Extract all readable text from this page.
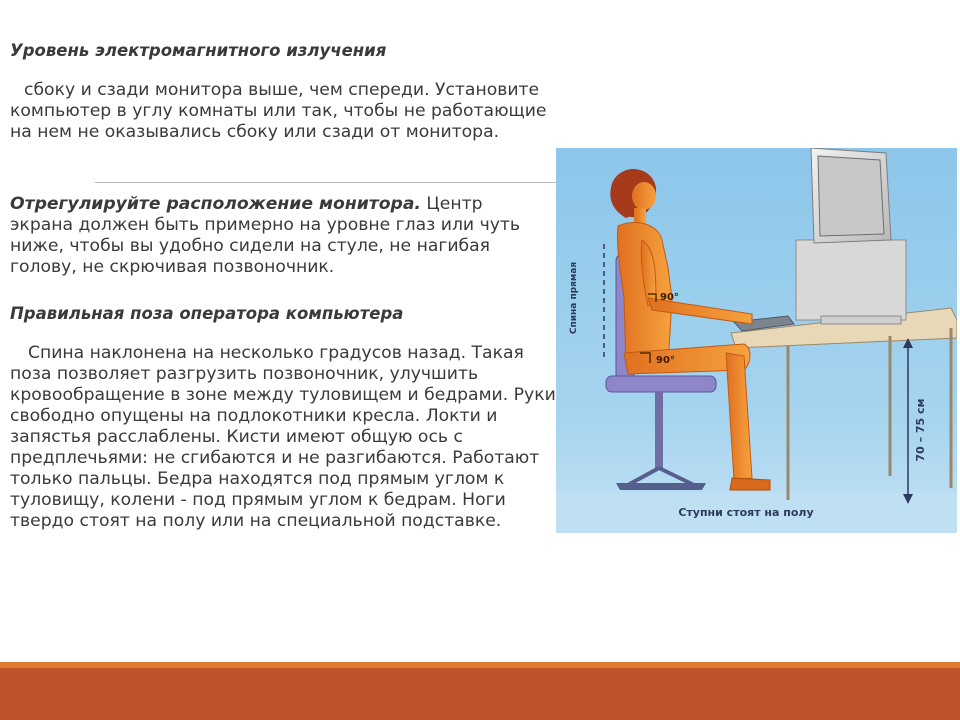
Уровень электромагнитного излучения

сбоку и сзади монитора выше, чем спереди. Установите компьютер в углу комнаты или так, чтобы не работающие на нем не оказывались сбоку или сзади от монитора.

Отрегулируйте расположение монитора. Центр экрана должен быть примерно на уровне глаз или чуть ниже, чтобы вы удобно сидели на стуле, не нагибая голову, не скрючивая позвоночник.

Правильная поза оператора компьютера

Спина наклонена на несколько градусов назад. Такая поза позволяет разгрузить позвоночник, улучшить кровообращение в зоне между туловищем и бедрами. Руки свободно опущены на подлокотники кресла. Локти и запястья расслаблены. Кисти имеют общую ось с предплечьями: не сгибаются и не разгибаются. Работают только пальцы. Бедра находятся под прямым углом к туловищу, колени - под прямым углом к бедрам. Ноги твердо стоят на полу или на специальной подставке.

Спина прямая	90°
90°
70 – 75 см
Ступни стоят на полу
